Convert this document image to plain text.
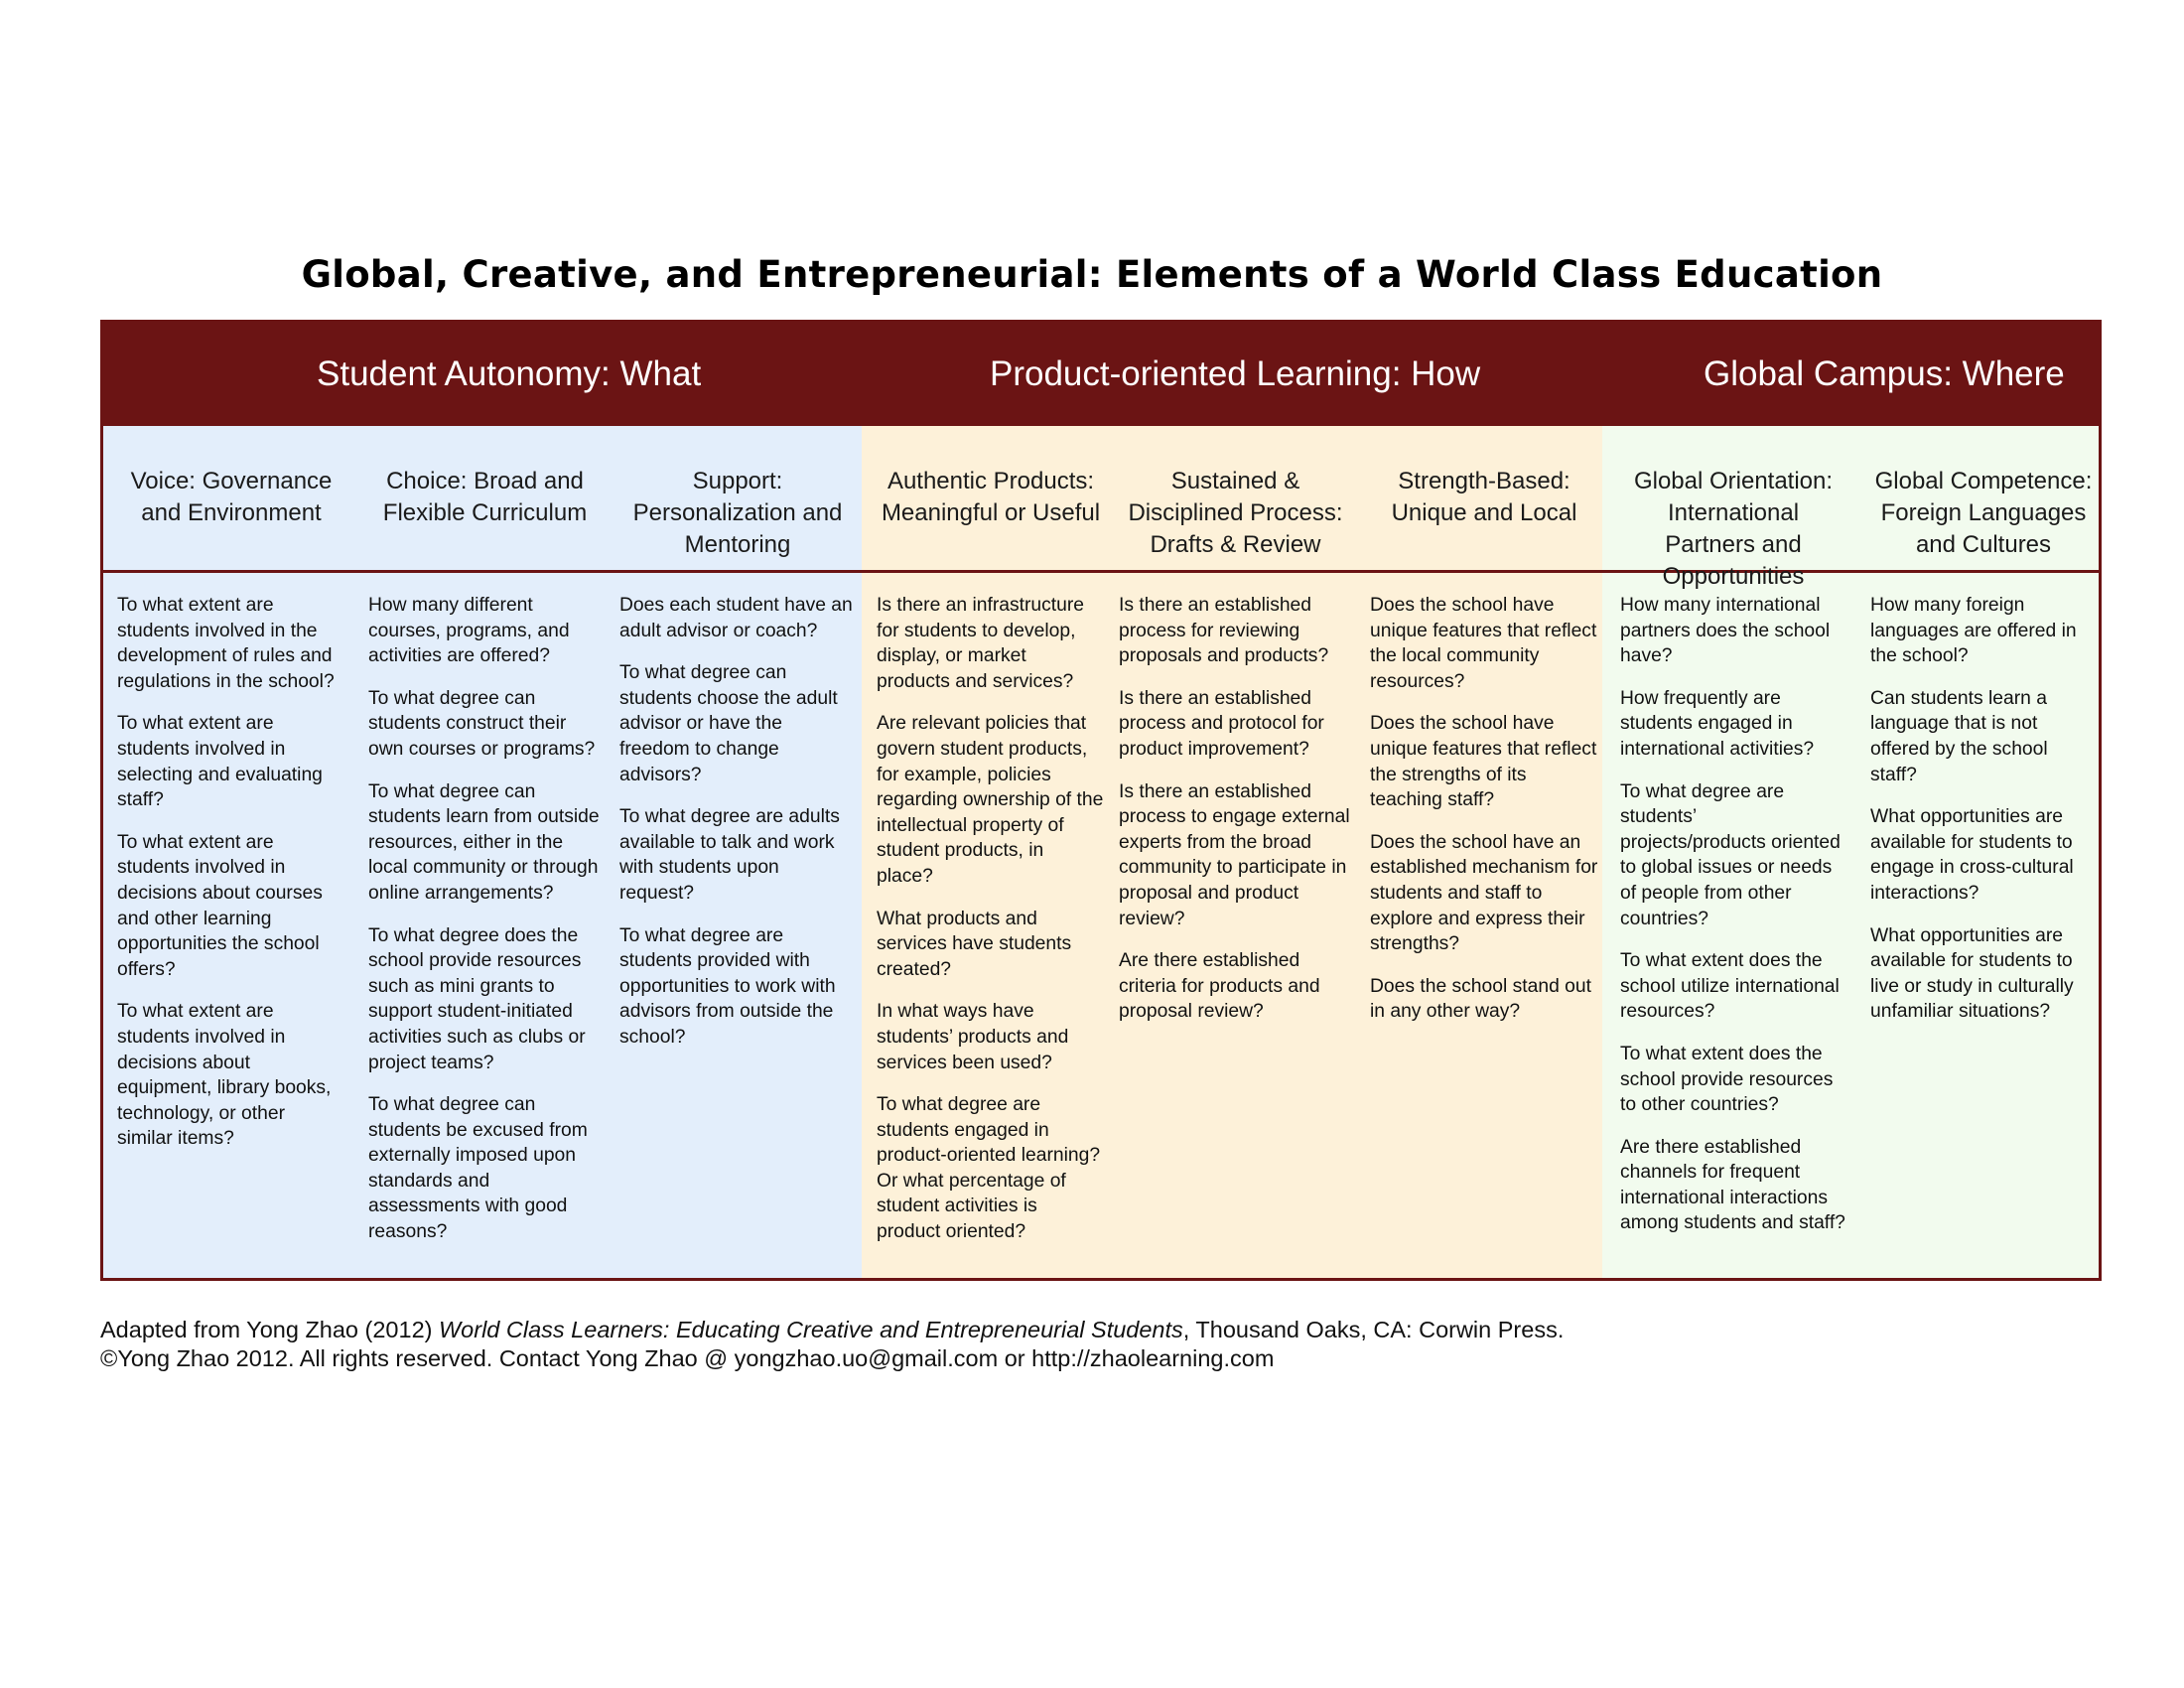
Global, Creative, and Entrepreneurial: Elements of a World Class Education
Student Autonomy: What	Product-oriented Learning: How	Global Campus: Where
Voice: Governance and Environment

To what extent are students involved in the development of rules and regulations in the school?

To what extent are students involved in selecting and evaluating staff?

To what extent are students involved in decisions about courses and other learning opportunities the school offers?

To what extent are students involved in decisions about equipment, library books, technology, or other similar items?

Choice: Broad and Flexible Curriculum

How many different courses, programs, and activities are offered?

To what degree can students construct their own courses or programs?

To what degree can students learn from outside resources, either in the local community or through online arrangements?

To what degree does the school provide resources such as mini grants to support student-initiated activities such as clubs or project teams?

To what degree can students be excused from externally imposed upon standards and assessments with good reasons?

Support: Personalization and Mentoring

Does each student have an adult advisor or coach?

To what degree can students choose the adult advisor or have the freedom to change advisors?

To what degree are adults available to talk and work with students upon request?

To what degree are students provided with opportunities to work with advisors from outside the school?

Authentic Products: Meaningful or Useful

Is there an infrastructure for students to develop, display, or market products and services?

Are relevant policies that govern student products, for example, policies regarding ownership of the intellectual property of student products, in place?

What products and services have students created?

In what ways have students’ products and services been used?

To what degree are students engaged in product-oriented learning? Or what percentage of student activities is product oriented?

Sustained & Disciplined Process: Drafts & Review

Is there an established process for reviewing proposals and products?

Is there an established process and protocol for product improvement?

Is there an established process to engage external experts from the broad community to participate in proposal and product review?

Are there established criteria for products and proposal review?

Strength-Based: Unique and Local

Does the school have unique features that reflect the local community resources?

Does the school have unique features that reflect the strengths of its teaching staff?

Does the school have an established mechanism for students and staff to explore and express their strengths?

Does the school stand out in any other way?

Global Orientation: International Partners and Opportunities

How many international partners does the school have?

How frequently are students engaged in international activities?

To what degree are students’ projects/products oriented to global issues or needs of people from other countries?

To what extent does the school utilize international resources?

To what extent does the school provide resources to other countries?

Are there established channels for frequent international interactions among students and staff?

Global Competence: Foreign Languages and Cultures

How many foreign languages are offered in the school?

Can students learn a language that is not offered by the school staff?

What opportunities are available for students to engage in cross-cultural interactions?

What opportunities are available for students to live or study in culturally unfamiliar situations?

Adapted from Yong Zhao (2012) World Class Learners: Educating Creative and Entrepreneurial Students, Thousand Oaks, CA: Corwin Press.
©Yong Zhao 2012. All rights reserved. Contact Yong Zhao @ yongzhao.uo@gmail.com or http://zhaolearning.com
